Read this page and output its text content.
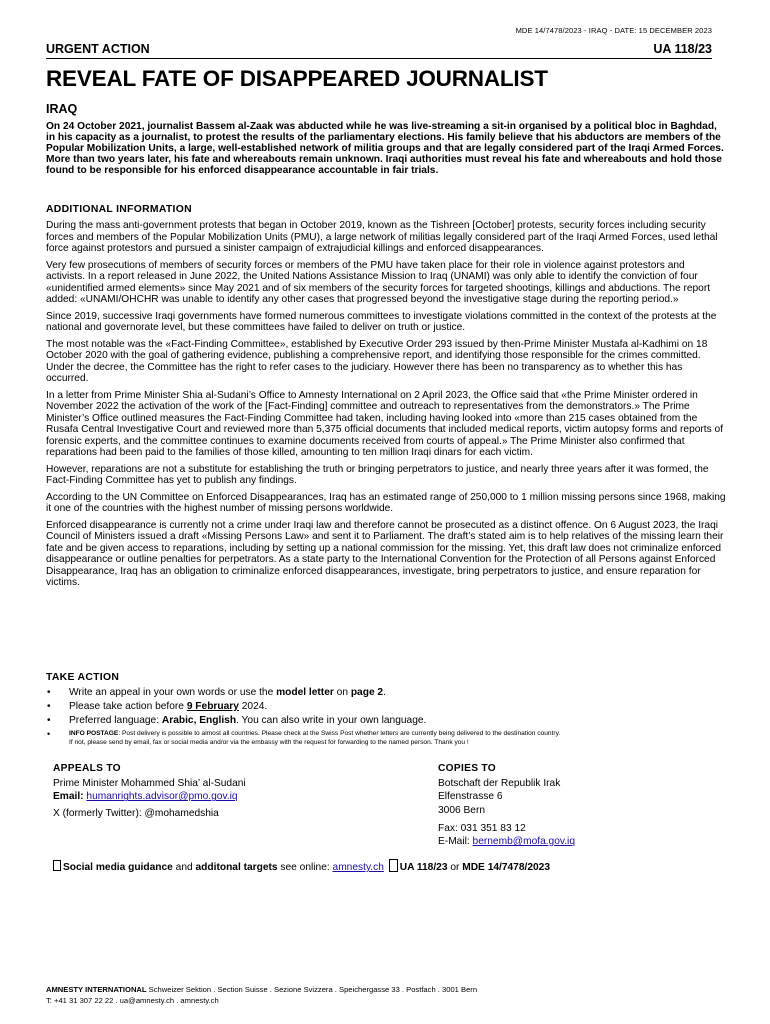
MDE 14/7478/2023 - IRAQ - DATE: 15 DECEMBER 2023
URGENT ACTION	UA 118/23
REVEAL FATE OF DISAPPEARED JOURNALIST
IRAQ

On 24 October 2021, journalist Bassem al-Zaak was abducted while he was live-streaming a sit-in organised by a political bloc in Baghdad, in his capacity as a journalist, to protest the results of the parliamentary elections. His family believe that his abductors are members of the Popular Mobilization Units, a large, well-established network of militia groups and that are legally considered part of the Iraqi Armed Forces. More than two years later, his fate and whereabouts remain unknown. Iraqi authorities must reveal his fate and whereabouts and hold those found to be responsible for his enforced disappearance accountable in fair trials.

ADDITIONAL INFORMATION

During the mass anti-government protests that began in October 2019, known as the Tishreen [October] protests, security forces including security forces and members of the Popular Mobilization Units (PMU), a large network of militias legally considered part of the Iraqi Armed Forces, used lethal force against protestors and pursued a sinister campaign of extrajudicial killings and enforced disappearances.

Very few prosecutions of members of security forces or members of the PMU have taken place for their role in violence against protestors and activists. In a report released in June 2022, the United Nations Assistance Mission to Iraq (UNAMI) was only able to identify the conviction of four «unidentified armed elements» since May 2021 and of six members of the security forces for targeted shootings, killings and abductions. The report added: «UNAMI/OHCHR was unable to identify any other cases that progressed beyond the investigative stage during the reporting period.»

Since 2019, successive Iraqi governments have formed numerous committees to investigate violations committed in the context of the protests at the national and governorate level, but these committees have failed to deliver on truth or justice.

The most notable was the «Fact-Finding Committee», established by Executive Order 293 issued by then-Prime Minister Mustafa al-Kadhimi on 18 October 2020 with the goal of gathering evidence, publishing a comprehensive report, and identifying those responsible for the crimes committed. Under the decree, the Committee has the right to refer cases to the judiciary. However there has been no transparency as to whether this has occurred.

In a letter from Prime Minister Shia al-Sudani’s Office to Amnesty International on 2 April 2023, the Office said that «the Prime Minister ordered in November 2022 the activation of the work of the [Fact-Finding] committee and outreach to representatives from the demonstrators.» The Prime Minister’s Office outlined measures the Fact-Finding Committee had taken, including having looked into «more than 215 cases obtained from the Rusafa Central Investigative Court and reviewed more than 5,375 official documents that included medical reports, victim autopsy forms and reports of forensic experts, and the committee continues to examine documents received from courts of appeal.» The Prime Minister also confirmed that reparations had been paid to the families of those killed, amounting to ten million Iraqi dinars for each victim.

However, reparations are not a substitute for establishing the truth or bringing perpetrators to justice, and nearly three years after it was formed, the Fact-Finding Committee has yet to publish any findings.

According to the UN Committee on Enforced Disappearances, Iraq has an estimated range of 250,000 to 1 million missing persons since 1968, making it one of the countries with the highest number of missing persons worldwide.

Enforced disappearance is currently not a crime under Iraqi law and therefore cannot be prosecuted as a distinct offence. On 6 August 2023, the Iraqi Council of Ministers issued a draft «Missing Persons Law» and sent it to Parliament. The draft’s stated aim is to help relatives of the missing learn their fate and be given access to reparations, including by setting up a national commission for the missing. Yet, this draft law does not criminalize enforced disappearance or outline penalties for perpetrators. As a state party to the International Convention for the Protection of all Persons against Enforced Disappearance, Iraq has an obligation to criminalize enforced disappearances, investigate, bring perpetrators to justice, and ensure reparation for victims.

TAKE ACTION
• Write an appeal in your own words or use the model letter on page 2.
• Please take action before 9 February 2024.
• Preferred language: Arabic, English. You can also write in your own language.
•	INFO POSTAGE: Post delivery is possible to almost all countries. Please check at the Swiss Post whether letters are currently being delivered to the destination country.
If not, please send by email, fax or social media and/or via the embassy with the request for forwarding to the named person. Thank you !
APPEALS TO
Prime Minister Mohammed Shia’ al-Sudani
Email: humanrights.advisor@pmo.gov.iq
X (formerly Twitter): @mohamedshia
COPIES TO
Botschaft der Republik Irak
Elfenstrasse 6
3006 Bern
Fax: 031 351 83 12
E-Mail: bernemb@mofa.gov.iq
Social media guidance and additonal targets see online: amnesty.ch UA 118/23 or MDE 14/7478/2023
AMNESTY INTERNATIONAL Schweizer Sektion . Section Suisse . Sezione Svizzera . Speichergasse 33 . Postfach . 3001 Bern
T: +41 31 307 22 22 . ua@amnesty.ch . amnesty.ch
